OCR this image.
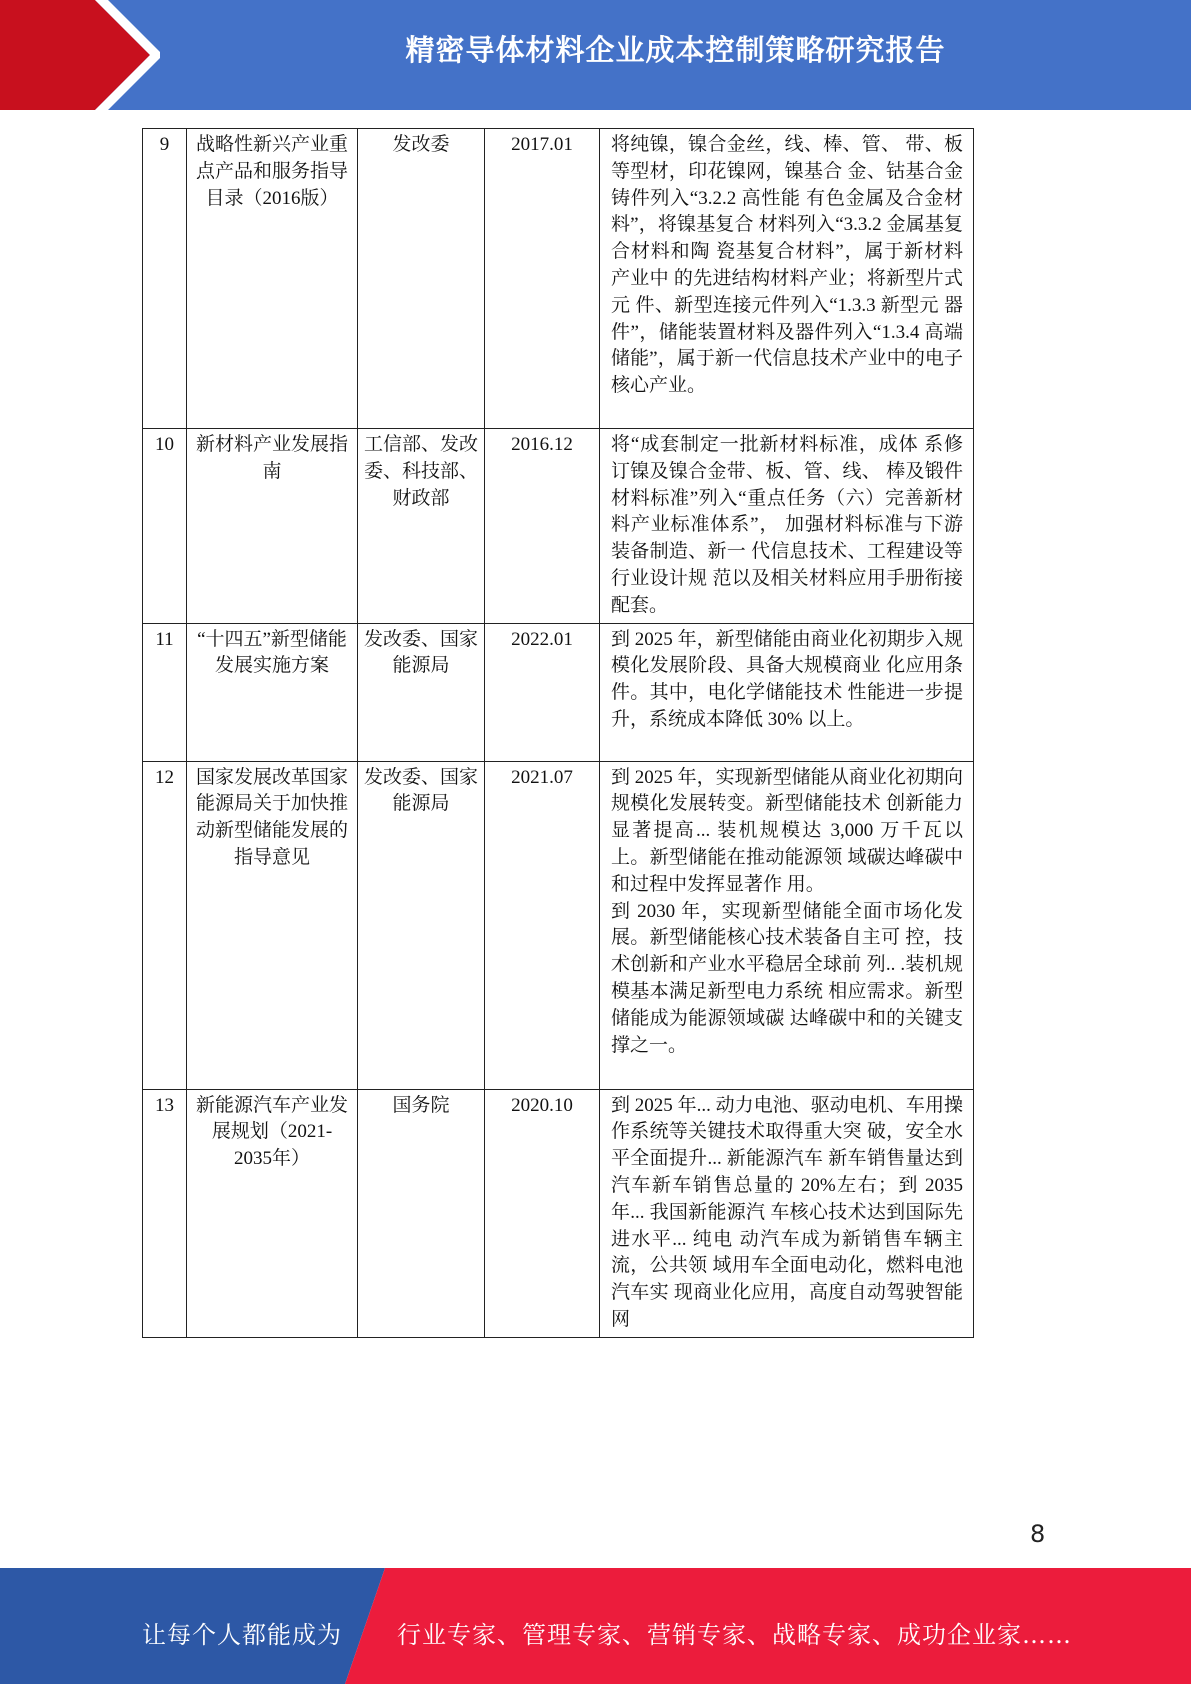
精密导体材料企业成本控制策略研究报告
9	战略性新兴产业重点产品和服务指导目录（2016版）	发改委	2017.01	将纯镍，镍合金丝，线、棒、管、 带、板等型材，印花镍网，镍基合 金、钴基合金铸件列入“3.2.2 高性能 有色金属及合金材料”，将镍基复合 材料列入“3.3.2 金属基复合材料和陶 瓷基复合材料”，属于新材料产业中 的先进结构材料产业；将新型片式元 件、新型连接元件列入“1.3.3 新型元 器件”，储能装置材料及器件列入“1.3.4 高端储能”，属于新一代信息技术产业中的电子核心产业。
10	新材料产业发展指南	工信部、发改委、科技部、财政部	2016.12	将“成套制定一批新材料标准，成体 系修订镍及镍合金带、板、管、线、 棒及锻件材料标准”列入“重点任务（六）完善新材料产业标准体系”， 加强材料标准与下游装备制造、新一 代信息技术、工程建设等行业设计规 范以及相关材料应用手册衔接配套。
11	“十四五”新型储能发展实施方案	发改委、国家能源局	2022.01	到 2025 年，新型储能由商业化初期步入规模化发展阶段、具备大规模商业 化应用条件。其中，电化学储能技术 性能进一步提升，系统成本降低 30% 以上。
12	国家发展改革国家能源局关于加快推动新型储能发展的指导意见	发改委、国家能源局	2021.07	到 2025 年，实现新型储能从商业化初期向规模化发展转变。新型储能技术 创新能力显著提高... 装机规模达 3,000 万千瓦以上。新型储能在推动能源领 域碳达峰碳中和过程中发挥显著作 用。
到 2030 年，实现新型储能全面市场化发展。新型储能核心技术装备自主可 控，技术创新和产业水平稳居全球前 列.. .装机规模基本满足新型电力系统 相应需求。新型储能成为能源领域碳 达峰碳中和的关键支撑之一。
13	新能源汽车产业发展规划（2021-2035年）	国务院	2020.10	到 2025 年... 动力电池、驱动电机、车用操作系统等关键技术取得重大突 破，安全水平全面提升... 新能源汽车 新车销售量达到汽车新车销售总量的 20%左右；到 2035 年... 我国新能源汽 车核心技术达到国际先进水平... 纯电 动汽车成为新销售车辆主流，公共领 域用车全面电动化，燃料电池汽车实 现商业化应用，高度自动驾驶智能网
8
让每个人都能成为 行业专家、管理专家、营销专家、战略专家、成功企业家……
